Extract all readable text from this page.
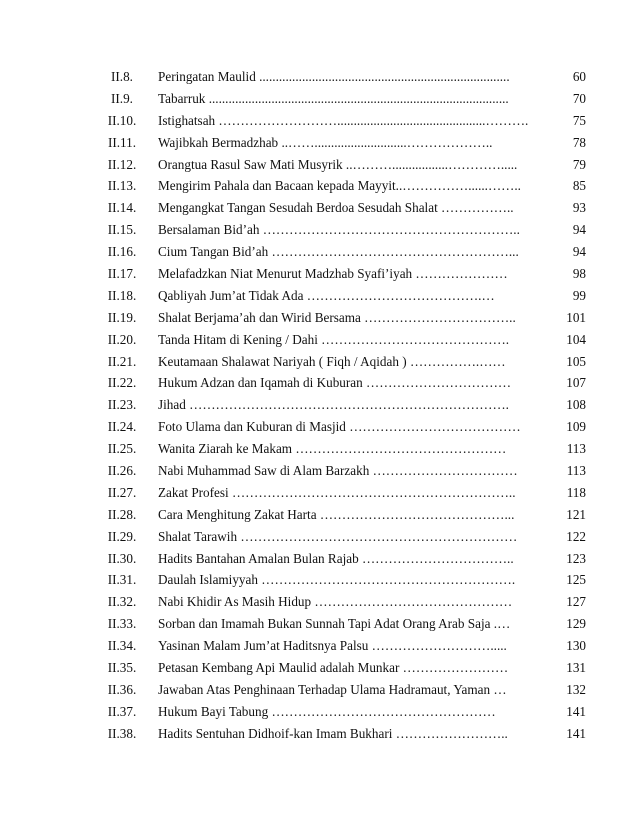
II.8.	Peringatan Maulid ............................................................................	60
II.9.	Tabarruk ...........................................................................................	70
II.10.	Istighatsah ……………………….............................................……….	75
II.11.	Wajibkah Bermadzhab ..……............................………………..	78
II.12.	Orangtua Rasul Saw Mati Musyrik ..……….................………….....	79
II.13.	Mengirim Pahala dan Bacaan kepada Mayyit..……………......……..	85
II.14.	Mengangkat Tangan Sesudah Berdoa Sesudah Shalat ……………..	93
II.15.	Bersalaman Bid’ah …………………………………………………..	94
II.16.	Cium Tangan Bid’ah ………………………………………………...	94
II.17.	Melafadzkan Niat Menurut Madzhab Syafi’iyah …………………	98
II.18.	Qabliyah Jum’at Tidak Ada ………………………………….…	99
II.19.	Shalat Berjama’ah dan Wirid Bersama ……………………………..	101
II.20.	Tanda Hitam di Kening / Dahi …………………………………….	104
II.21.	Keutamaan Shalawat Nariyah ( Fiqh / Aqidah ) …………….……	105
II.22.	Hukum Adzan dan Iqamah di Kuburan ……………………………	107
II.23.	Jihad ……………………………………………………………….	108
II.24.	Foto Ulama dan Kuburan di Masjid …………………………………	109
II.25.	Wanita Ziarah ke Makam …………………………………………	113
II.26.	Nabi Muhammad Saw di Alam Barzakh ……………………………	113
II.27.	Zakat Profesi ………………………………………………………..	118
II.28.	Cara Menghitung Zakat Harta ……………………………………...	121
II.29.	Shalat Tarawih ………………………………………………………	122
II.30.	Hadits Bantahan Amalan Bulan Rajab ……………………………..	123
II.31.	Daulah Islamiyyah ………………………………………………….	125
II.32.	Nabi Khidir As Masih Hidup ………………………………………	127
II.33.	Sorban dan Imamah Bukan Sunnah Tapi Adat Orang Arab Saja .…	129
II.34.	Yasinan Malam Jum’at Haditsnya Palsu ……………………….....	130
II.35.	Petasan Kembang Api Maulid adalah Munkar ……………………	131
II.36.	Jawaban Atas Penghinaan Terhadap Ulama Hadramaut, Yaman …	132
II.37.	Hukum Bayi Tabung ……………………………………………	141
II.38.	Hadits Sentuhan Didhoif-kan Imam Bukhari ……………………..	141
